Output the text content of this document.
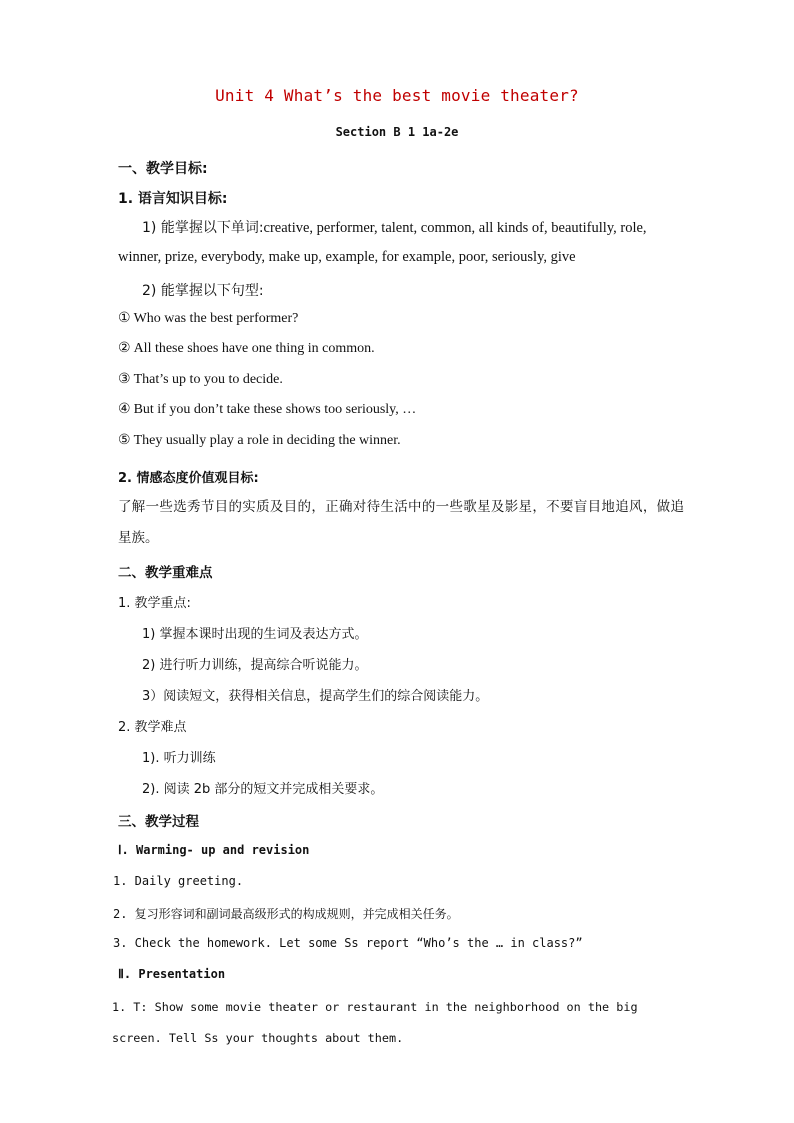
Unit 4 What’s the best movie theater?
Section B 1 1a-2e
一、教学目标:
1. 语言知识目标:
1) 能掌握以下单词:creative, performer, talent, common, all kinds of, beautifully, role, winner, prize, everybody, make up, example, for example, poor, seriously, give
2) 能掌握以下句型:
① Who was the best performer?
② All these shoes have one thing in common.
③ That’s up to you to decide.
④ But if you don’t take these shows too seriously, …
⑤ They usually play a role in deciding the winner.
2. 情感态度价值观目标:
了解一些选秀节目的实质及目的，正确对待生活中的一些歌星及影星，不要盲目地追风，做追星族。
二、教学重难点
1. 教学重点:
1) 掌握本课时出现的生词及表达方式。
2) 进行听力训练，提高综合听说能力。
3）阅读短文，获得相关信息，提高学生们的综合阅读能力。
2. 教学难点
1). 听力训练
2). 阅读 2b 部分的短文并完成相关要求。
三、教学过程
Ⅰ. Warming- up and revision
1. Daily greeting.
2. 复习形容词和副词最高级形式的构成规则，并完成相关任务。
3. Check the homework. Let some Ss report “Who’s the … in class?”
Ⅱ. Presentation
1. T: Show some movie theater or restaurant in the neighborhood on the big screen. Tell Ss your thoughts about them.
